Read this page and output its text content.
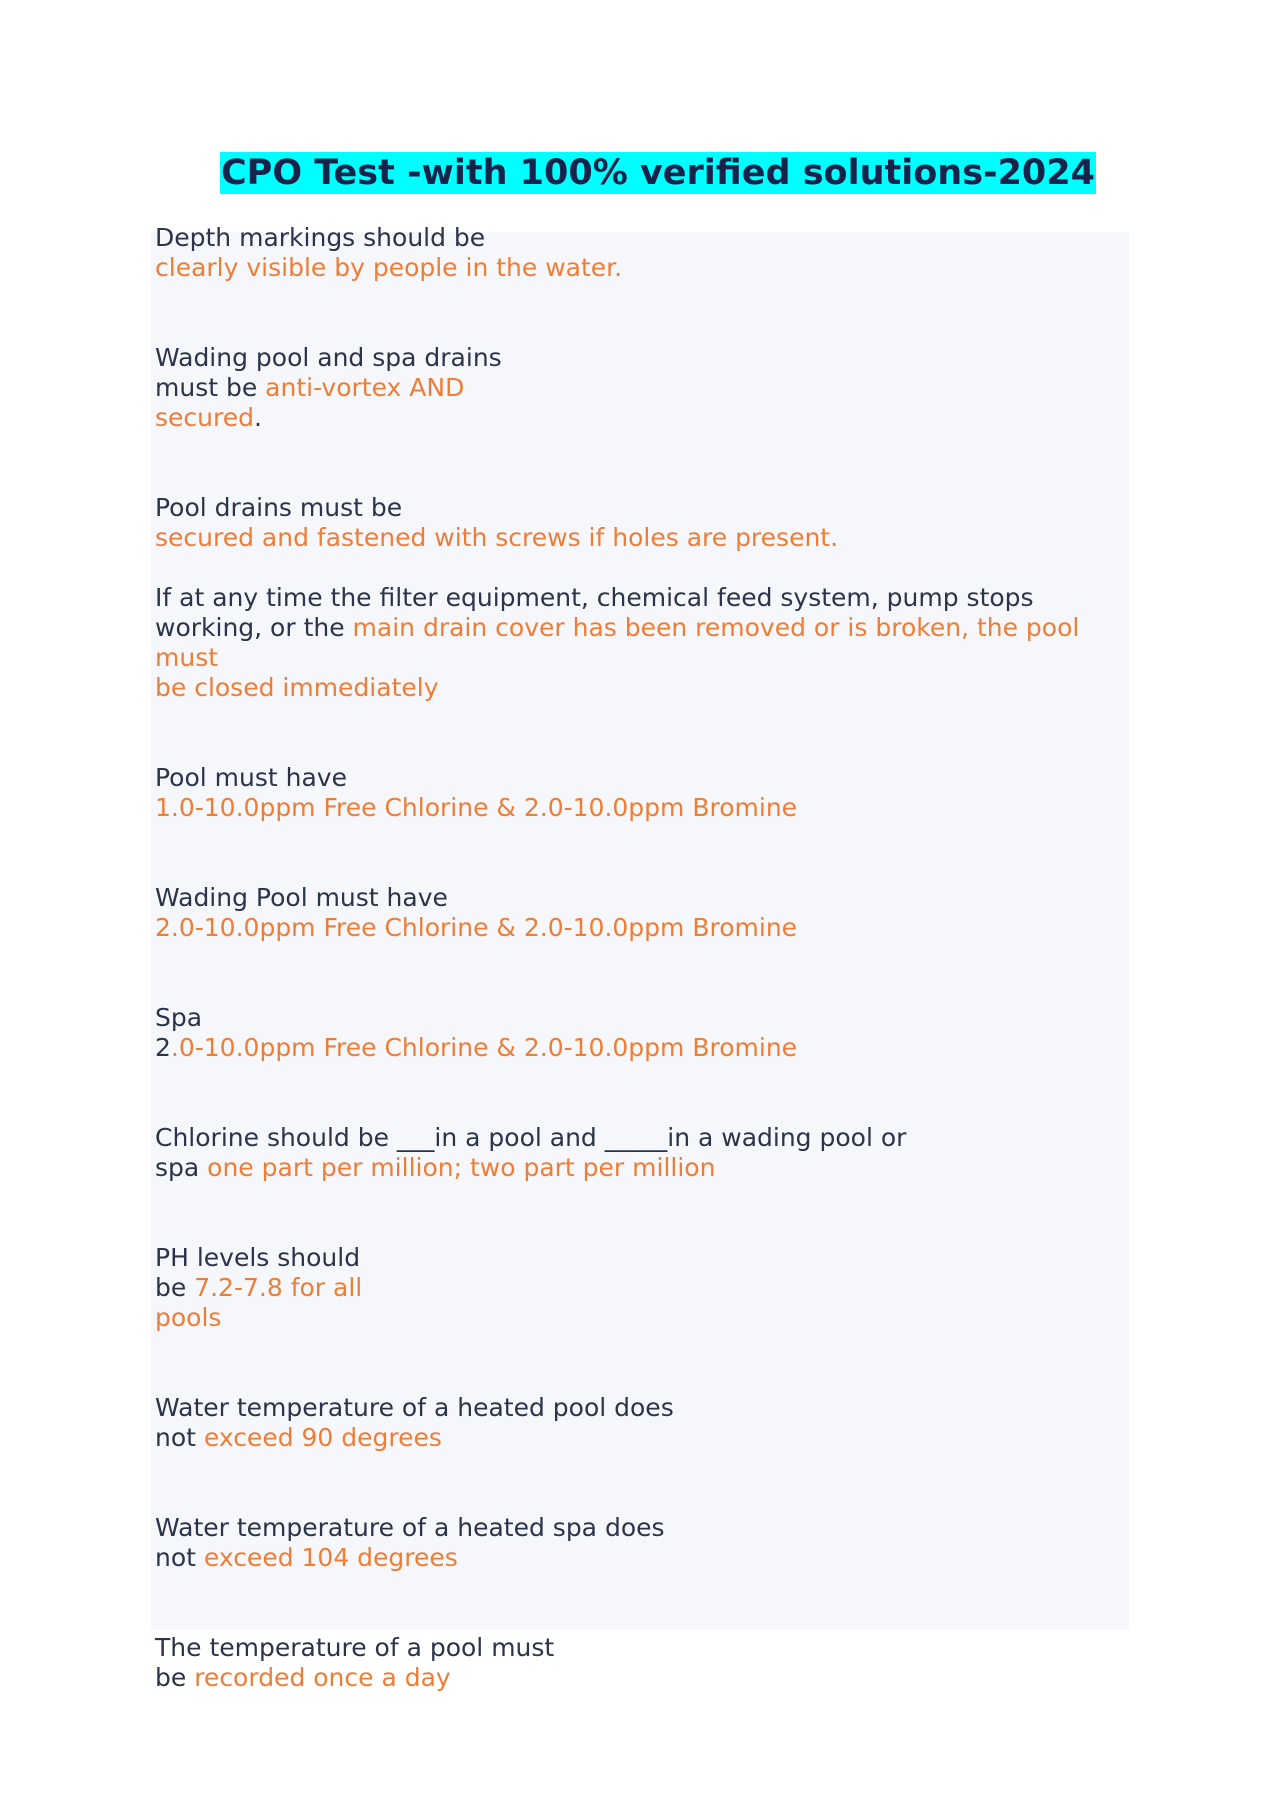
CPO Test -with 100% verified solutions-2024
Depth markings should be
clearly visible by people in the water.
Wading pool and spa drains
must be anti-vortex AND
secured.
Pool drains must be
secured and fastened with screws if holes are present.
If at any time the filter equipment, chemical feed system, pump stops
working, or the main drain cover has been removed or is broken, the pool
must
be closed immediately
Pool must have
1.0-10.0ppm Free Chlorine & 2.0-10.0ppm Bromine
Wading Pool must have
2.0-10.0ppm Free Chlorine & 2.0-10.0ppm Bromine
Spa
2.0-10.0ppm Free Chlorine & 2.0-10.0ppm Bromine
Chlorine should be ___in a pool and _____in a wading pool or
spa one part per million; two part per million
PH levels should
be 7.2-7.8 for all
pools
Water temperature of a heated pool does
not exceed 90 degrees
Water temperature of a heated spa does
not exceed 104 degrees
The temperature of a pool must
be recorded once a day
